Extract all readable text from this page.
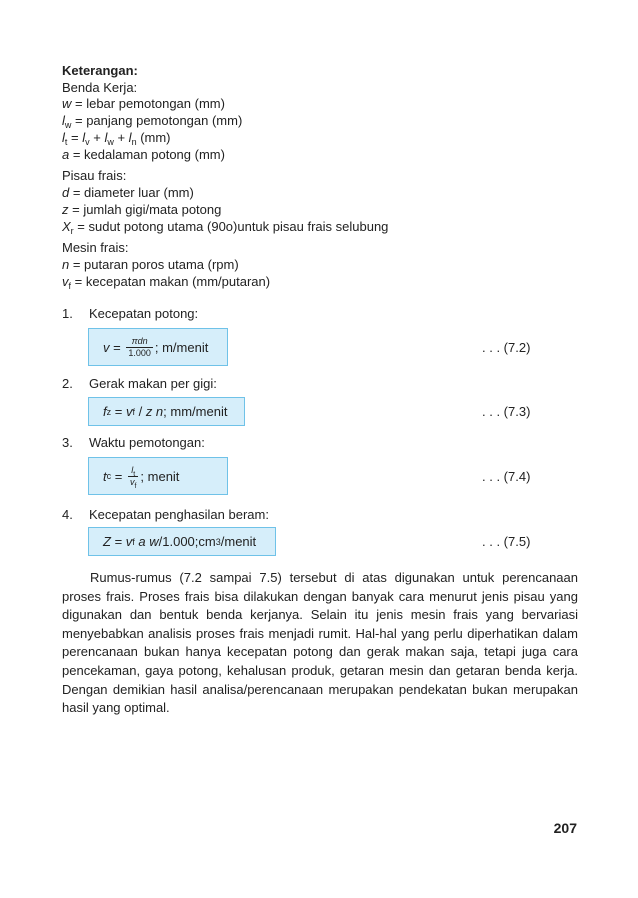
Keterangan:
Benda Kerja:
w = lebar pemotongan (mm)
$l_w$ = panjang pemotongan (mm)
$l_t = l_v + l_w + l_n$ (mm)
a = kedalaman potong (mm)
Pisau frais:
d = diameter luar (mm)
z = jumlah gigi/mata potong
$X_r$ = sudut potong utama (90o)untuk pisau frais selubung
Mesin frais:
n = putaran poros utama (rpm)
$v_f$ = kecepatan makan (mm/putaran)
1. Kecepatan potong:
$v = \frac{\text{πdn}}{1.000}$ ; m/menit	. . . (7.2)
2. Gerak makan per gigi:
f z = v f / z n ; mm/menit	. . . (7.3)
3. Waktu pemotongan:
t $c = \frac{l_t}{v_f}$ ; menit	. . . (7.4)
4. Kecepatan penghasilan beram:
Z = v f a w /1.000;cm 3 /menit	. . . (7.5)

Rumus-rumus (7.2 sampai 7.5) tersebut di atas digunakan untuk perencanaan proses frais. Proses frais bisa dilakukan dengan banyak cara menurut jenis pisau yang digunakan dan bentuk benda kerjanya. Selain itu jenis mesin frais yang bervariasi menyebabkan analisis proses frais menjadi rumit. Hal-hal yang perlu diperhatikan dalam perencanaan bukan hanya kecepatan potong dan gerak makan saja, tetapi juga cara pencekaman, gaya potong, kehalusan produk, getaran mesin dan getaran benda kerja. Dengan demikian hasil analisa/perencanaan merupakan pendekatan bukan merupakan hasil yang optimal.

207
